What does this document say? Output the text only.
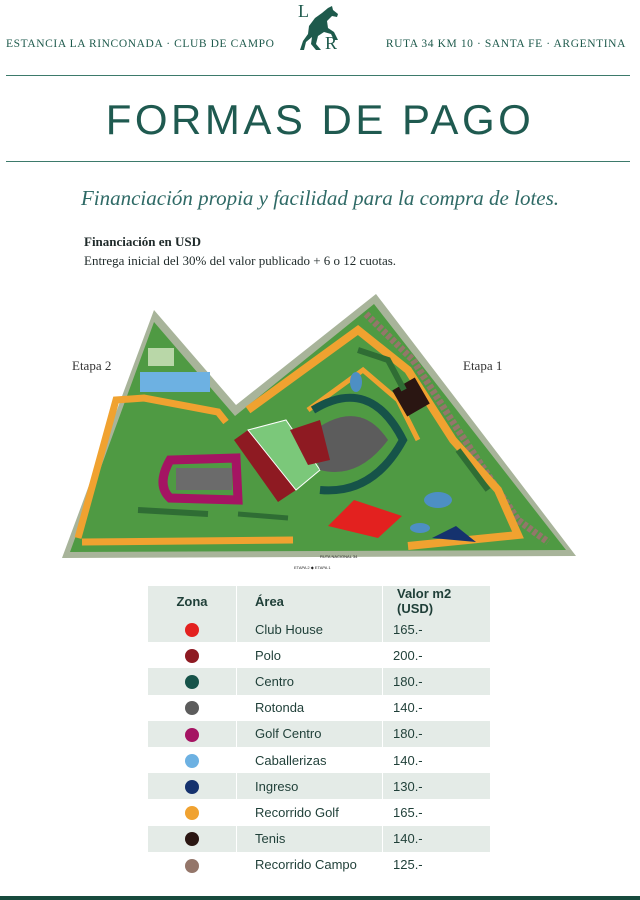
ESTANCIA LA RINCONADA · CLUB DE CAMPO
L
R	RUTA 34 KM 10 · SANTA FE · ARGENTINA
FORMAS DE PAGO
Financiación propia y facilidad para la compra de lotes.
Financiación en USD
Entrega inicial del 30% del valor publicado + 6 o 12 cuotas.
Etapa 2	Etapa 1
RUTA NACIONAL 34
ETAPA 2 ◆ ETAPA 1
Zona	Área	Valor m2 (USD)
	Club House	165.-
	Polo	200.-
	Centro	180.-
	Rotonda	140.-
	Golf Centro	180.-
	Caballerizas	140.-
	Ingreso	130.-
	Recorrido Golf	165.-
	Tenis	140.-
	Recorrido Campo	125.-
